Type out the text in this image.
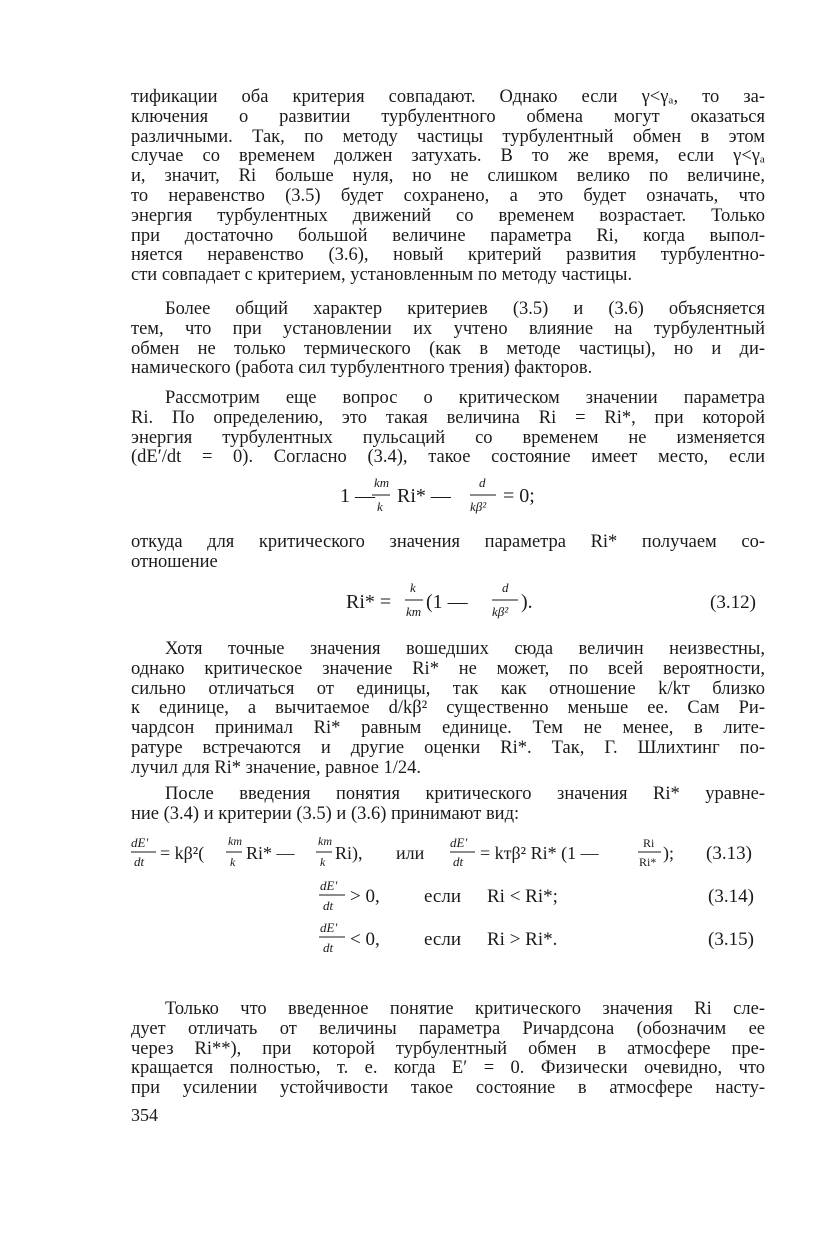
тификации оба критерия совпадают. Однако если γ<γₐ, то за-
ключения о развитии турбулентного обмена могут оказаться
различными. Так, по методу частицы турбулентный обмен в этом
случае со временем должен затухать. В то же время, если γ<γₐ
и, значит, Ri больше нуля, но не слишком велико по величине,
то неравенство (3.5) будет сохранено, а это будет означать, что
энергия турбулентных движений со временем возрастает. Только
при достаточно большой величине параметра Ri, когда выпол-
няется неравенство (3.6), новый критерий развития турбулентно-
сти совпадает с критерием, установленным по методу частицы.
Более общий характер критериев (3.5) и (3.6) объясняется
тем, что при установлении их учтено влияние на турбулентный
обмен не только термического (как в методе частицы), но и ди-
намического (работа сил турбулентного трения) факторов.
Рассмотрим еще вопрос о критическом значении параметра
Ri. По определению, это такая величина Ri = Ri*, при которой
энергия турбулентных пульсаций со временем не изменяется
(dE′/dt = 0). Согласно (3.4), такое состояние имеет место, если
1 —
kт
k Ri* —
d
kβ² = 0;
Ri* =
k
kт (1 —
d
kβ² ).	(3.12)
dE′
dt = kβ²(
kт
k Ri* —
kт
k Ri), или
dE′
dt = kтβ² Ri* (1 —	Ri
Ri* ); (3.13)
dE′
dt > 0, если Ri < Ri*;	(3.14)
dE′
dt < 0, если Ri > Ri*.	(3.15)
откуда для критического значения параметра Ri* получаем со-
отношение
Хотя точные значения вошедших сюда величин неизвестны,
однако критическое значение Ri* не может, по всей вероятности,
сильно отличаться от единицы, так как отношение k/kт близко
к единице, а вычитаемое d/kβ² существенно меньше ее. Сам Ри-
чардсон принимал Ri* равным единице. Тем не менее, в лите-
ратуре встречаются и другие оценки Ri*. Так, Г. Шлихтинг по-
лучил для Ri* значение, равное 1/24.
После введения понятия критического значения Ri* уравне-
ние (3.4) и критерии (3.5) и (3.6) принимают вид:
Только что введенное понятие критического значения Ri сле-
дует отличать от величины параметра Ричардсона (обозначим ее
через Ri**), при которой турбулентный обмен в атмосфере пре-
кращается полностью, т. е. когда E′ = 0. Физически очевидно, что
при усилении устойчивости такое состояние в атмосфере насту-
354
